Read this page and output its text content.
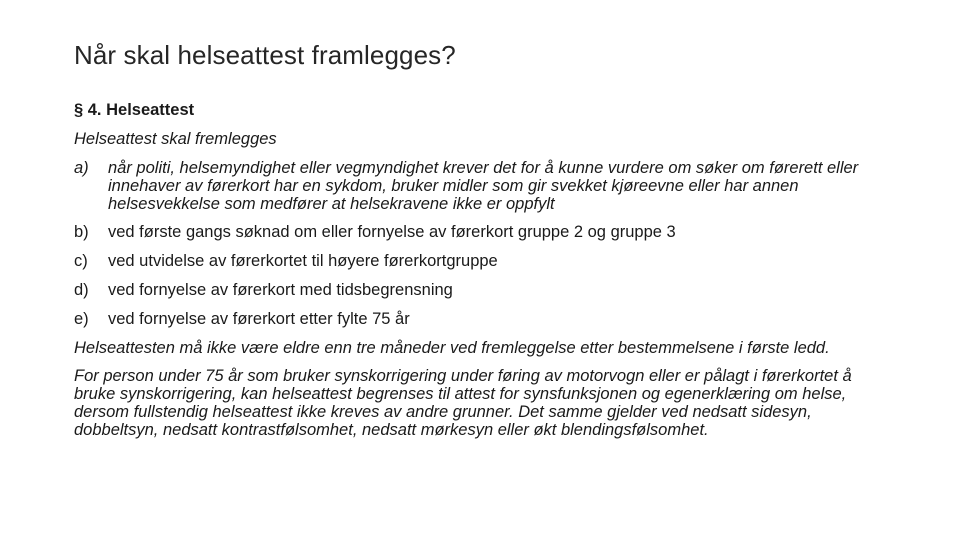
Når skal helseattest framlegges?
§ 4. Helseattest
Helseattest skal fremlegges
a) når politi, helsemyndighet eller vegmyndighet krever det for å kunne vurdere om søker om førerett eller innehaver av førerkort har en sykdom, bruker midler som gir svekket kjøreevne eller har annen helsesvekkelse som medfører at helsekravene ikke er oppfylt
b) ved første gangs søknad om eller fornyelse av førerkort gruppe 2 og gruppe 3
c) ved utvidelse av førerkortet til høyere førerkortgruppe
d) ved fornyelse av førerkort med tidsbegrensning
e) ved fornyelse av førerkort etter fylte 75 år
Helseattesten må ikke være eldre enn tre måneder ved fremleggelse etter bestemmelsene i første ledd.
For person under 75 år som bruker synskorrigering under føring av motorvogn eller er pålagt i førerkortet å bruke synskorrigering, kan helseattest begrenses til attest for synsfunksjonen og egenerklæring om helse, dersom fullstendig helseattest ikke kreves av andre grunner. Det samme gjelder ved nedsatt sidesyn, dobbeltsyn, nedsatt kontrastfølsomhet, nedsatt mørkesyn eller økt blendingsfølsomhet.
